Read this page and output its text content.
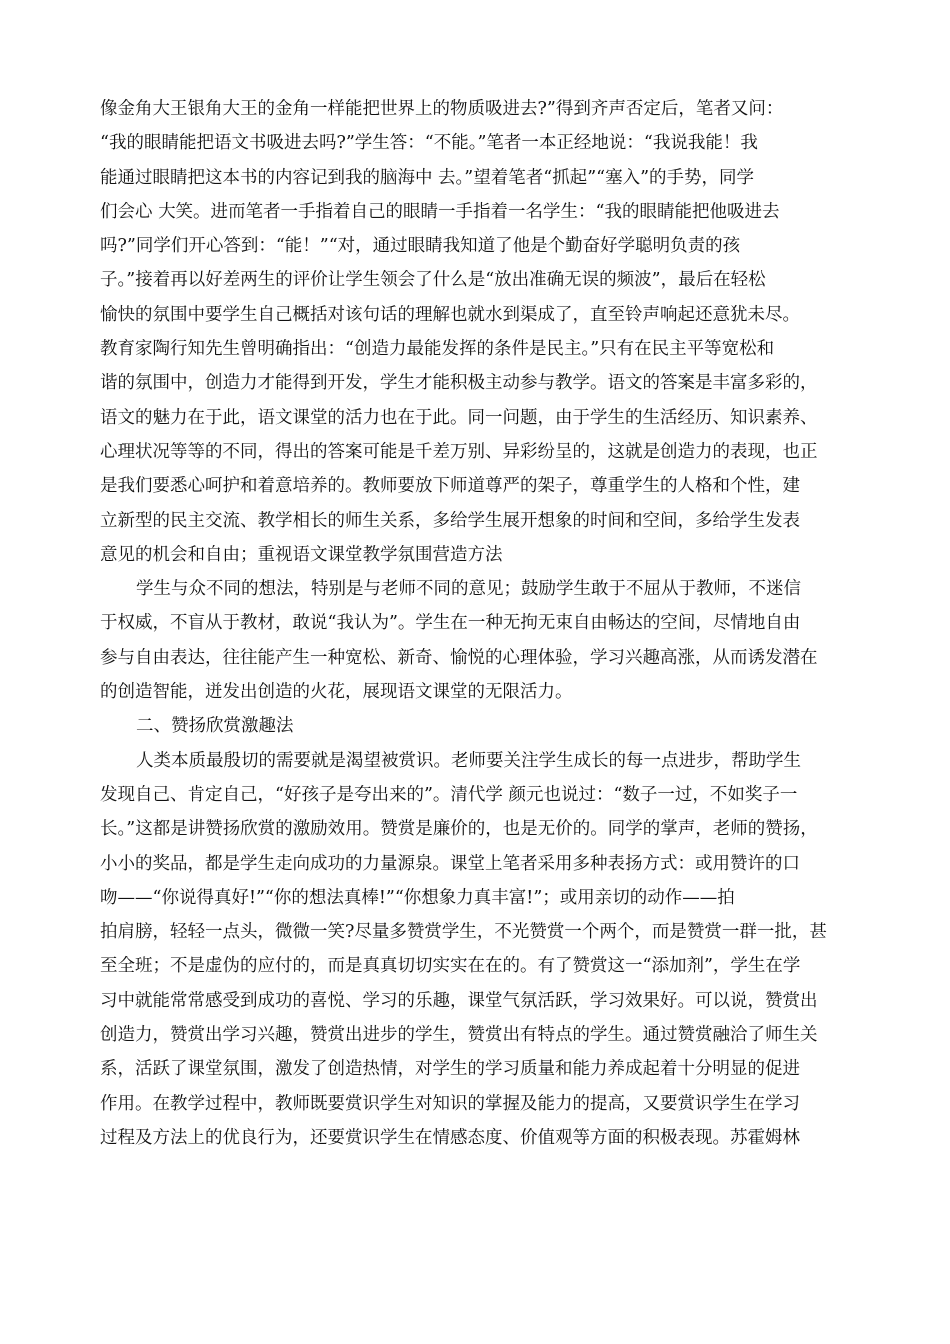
像金角大王银角大王的金角一样能把世界上的物质吸进去?”得到齐声否定后，笔者又问：
“我的眼睛能把语文书吸进去吗?”学生答：“不能。”笔者一本正经地说：“我说我能！我
能通过眼睛把这本书的内容记到我的脑海中 去。”望着笔者“抓起”“塞入”的手势，同学
们会心 大笑。进而笔者一手指着自己的眼睛一手指着一名学生：“我的眼睛能把他吸进去
吗?”同学们开心答到：“能！”“对，通过眼睛我知道了他是个勤奋好学聪明负责的孩
子。”接着再以好差两生的评价让学生领会了什么是“放出准确无误的频波”，最后在轻松
愉快的氛围中要学生自己概括对该句话的理解也就水到渠成了，直至铃声响起还意犹未尽。
教育家陶行知先生曾明确指出：“创造力最能发挥的条件是民主。”只有在民主平等宽松和
谐的氛围中，创造力才能得到开发，学生才能积极主动参与教学。语文的答案是丰富多彩的，
语文的魅力在于此，语文课堂的活力也在于此。同一问题，由于学生的生活经历、知识素养、
心理状况等等的不同，得出的答案可能是千差万别、异彩纷呈的，这就是创造力的表现，也正
是我们要悉心呵护和着意培养的。教师要放下师道尊严的架子，尊重学生的人格和个性，建
立新型的民主交流、教学相长的师生关系，多给学生展开想象的时间和空间，多给学生发表
意见的机会和自由；重视语文课堂教学氛围营造方法
学生与众不同的想法，特别是与老师不同的意见；鼓励学生敢于不屈从于教师，不迷信
于权威，不盲从于教材，敢说“我认为”。学生在一种无拘无束自由畅达的空间，尽情地自由
参与自由表达，往往能产生一种宽松、新奇、愉悦的心理体验，学习兴趣高涨，从而诱发潜在
的创造智能，迸发出创造的火花，展现语文课堂的无限活力。
二、赞扬欣赏激趣法
人类本质最殷切的需要就是渴望被赏识。老师要关注学生成长的每一点进步，帮助学生
发现自己、肯定自己，“好孩子是夸出来的”。清代学 颜元也说过：“数子一过，不如奖子一
长。”这都是讲赞扬欣赏的激励效用。赞赏是廉价的，也是无价的。同学的掌声，老师的赞扬，
小小的奖品，都是学生走向成功的力量源泉。课堂上笔者采用多种表扬方式：或用赞许的口
吻——“你说得真好!”“你的想法真棒!”“你想象力真丰富!”；或用亲切的动作——拍
拍肩膀，轻轻一点头，微微一笑?尽量多赞赏学生，不光赞赏一个两个，而是赞赏一群一批，甚
至全班；不是虚伪的应付的，而是真真切切实实在在的。有了赞赏这一“添加剂”，学生在学
习中就能常常感受到成功的喜悦、学习的乐趣，课堂气氛活跃，学习效果好。可以说，赞赏出
创造力，赞赏出学习兴趣，赞赏出进步的学生，赞赏出有特点的学生。通过赞赏融洽了师生关
系，活跃了课堂氛围，激发了创造热情，对学生的学习质量和能力养成起着十分明显的促进
作用。在教学过程中，教师既要赏识学生对知识的掌握及能力的提高，又要赏识学生在学习
过程及方法上的优良行为，还要赏识学生在情感态度、价值观等方面的积极表现。苏霍姆林
